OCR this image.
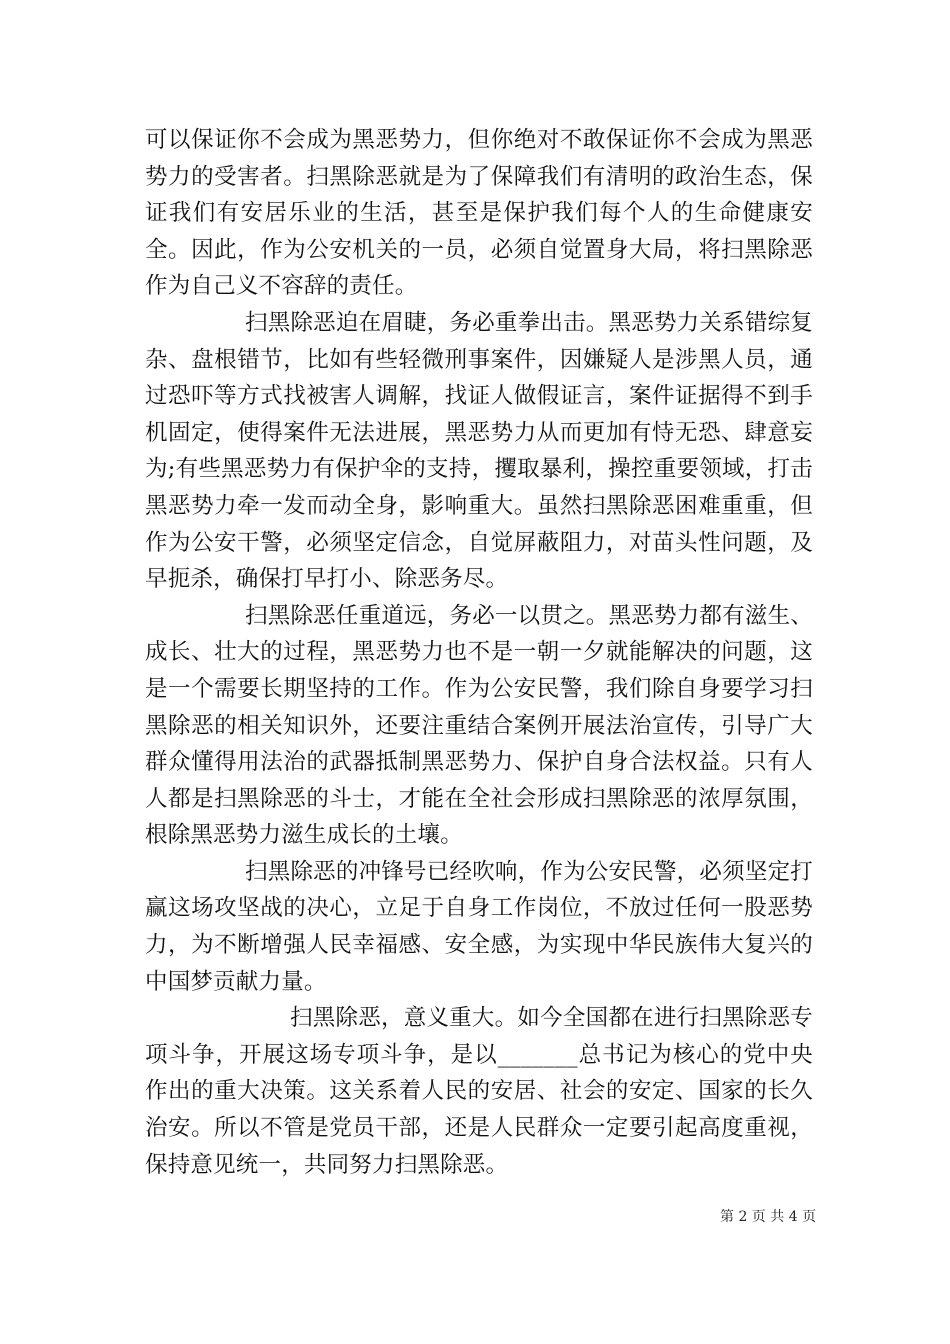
可以保证你不会成为黑恶势力，但你绝对不敢保证你不会成为黑恶势力的受害者。扫黑除恶就是为了保障我们有清明的政治生态，保证我们有安居乐业的生活，甚至是保护我们每个人的生命健康安全。因此，作为公安机关的一员，必须自觉置身大局，将扫黑除恶作为自己义不容辞的责任。

扫黑除恶迫在眉睫，务必重拳出击。黑恶势力关系错综复杂、盘根错节，比如有些轻微刑事案件，因嫌疑人是涉黑人员，通过恐吓等方式找被害人调解，找证人做假证言，案件证据得不到手机固定，使得案件无法进展，黑恶势力从而更加有恃无恐、肆意妄为;有些黑恶势力有保护伞的支持，攫取暴利，操控重要领域，打击黑恶势力牵一发而动全身，影响重大。虽然扫黑除恶困难重重，但作为公安干警，必须坚定信念，自觉屏蔽阻力，对苗头性问题，及早扼杀，确保打早打小、除恶务尽。

扫黑除恶任重道远，务必一以贯之。黑恶势力都有滋生、成长、壮大的过程，黑恶势力也不是一朝一夕就能解决的问题，这是一个需要长期坚持的工作。作为公安民警，我们除自身要学习扫黑除恶的相关知识外，还要注重结合案例开展法治宣传，引导广大群众懂得用法治的武器抵制黑恶势力、保护自身合法权益。只有人人都是扫黑除恶的斗士，才能在全社会形成扫黑除恶的浓厚氛围，根除黑恶势力滋生成长的土壤。

扫黑除恶的冲锋号已经吹响，作为公安民警，必须坚定打赢这场攻坚战的决心，立足于自身工作岗位，不放过任何一股恶势力，为不断增强人民幸福感、安全感，为实现中华民族伟大复兴的中国梦贡献力量。

扫黑除恶，意义重大。如今全国都在进行扫黑除恶专项斗争，开展这场专项斗争，是以_______总书记为核心的党中央作出的重大决策。这关系着人民的安居、社会的安定、国家的长久治安。所以不管是党员干部，还是人民群众一定要引起高度重视，保持意见统一，共同努力扫黑除恶。

第 2 页 共 4 页
